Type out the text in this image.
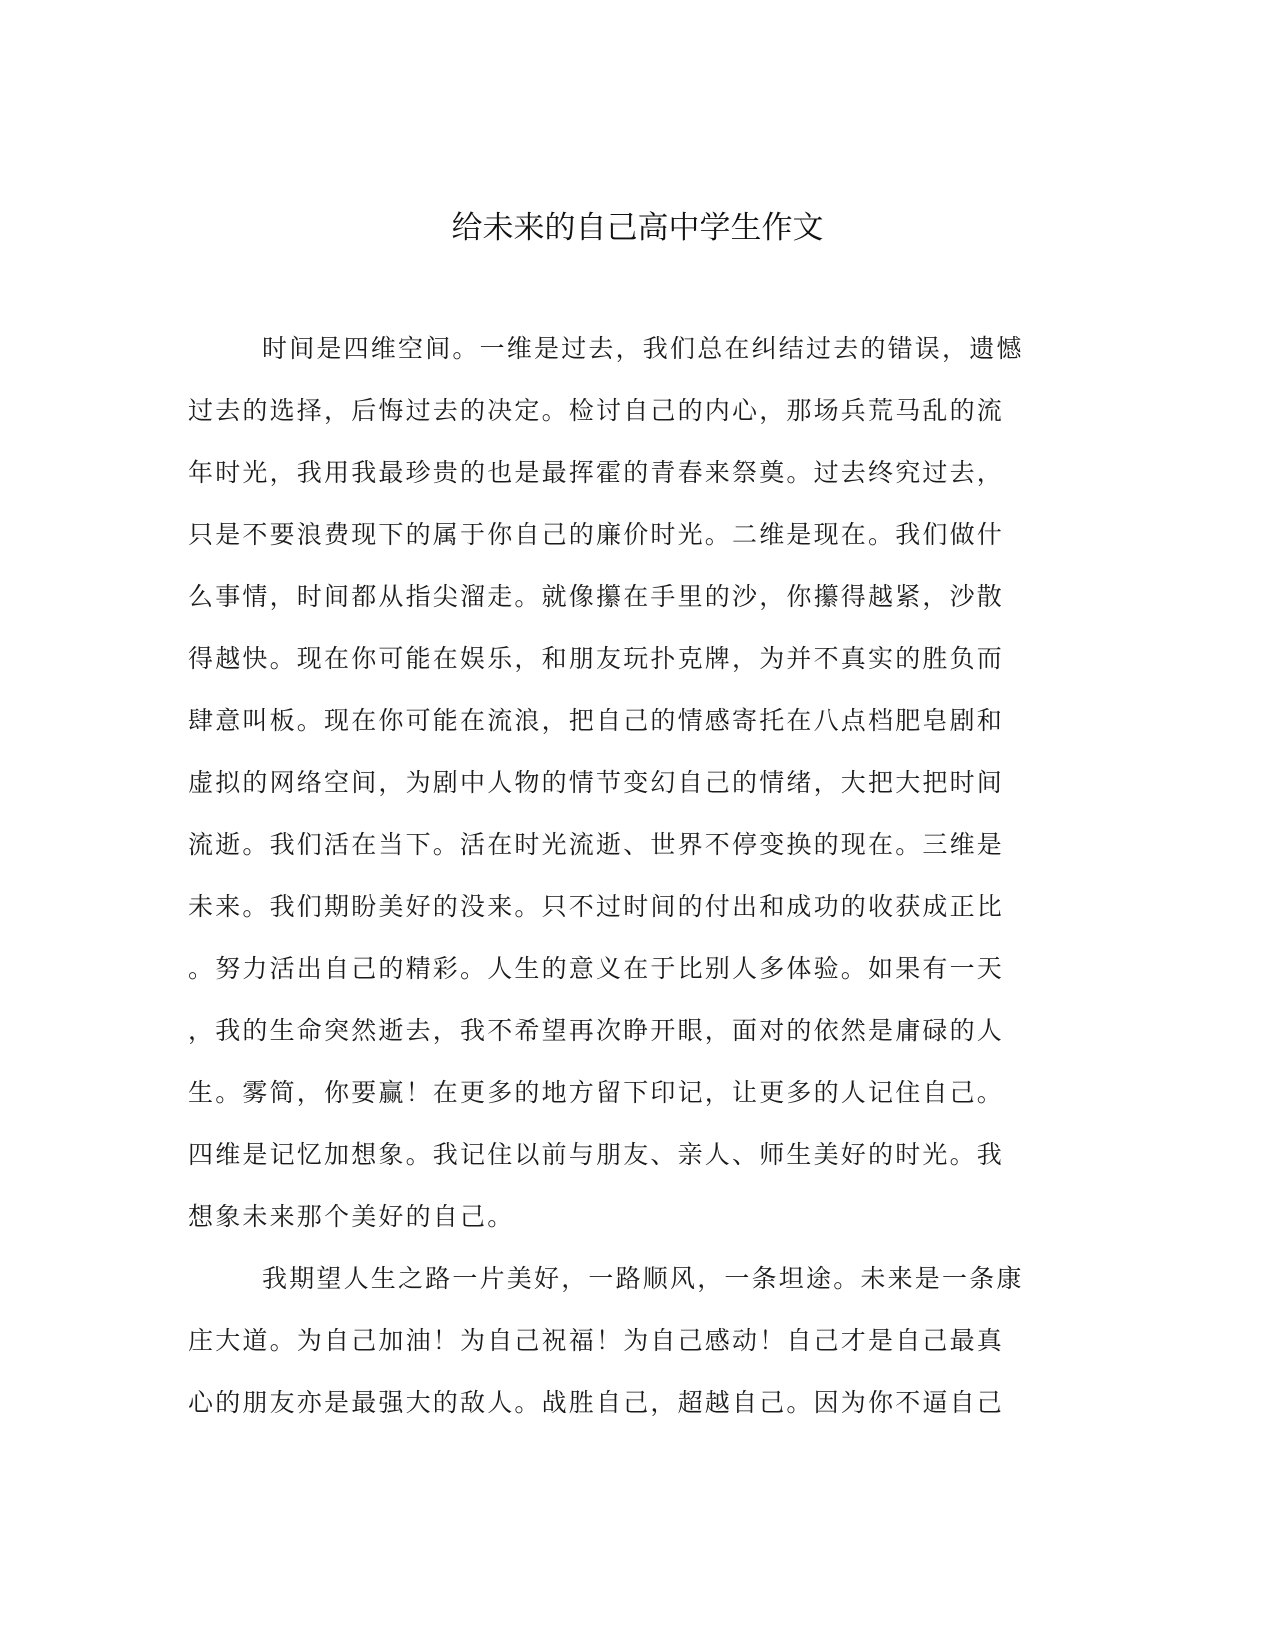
给未来的自己高中学生作文
时间是四维空间。一维是过去，我们总在纠结过去的错误，遗憾
过去的选择，后悔过去的决定。检讨自己的内心，那场兵荒马乱的流
年时光，我用我最珍贵的也是最挥霍的青春来祭奠。过去终究过去，
只是不要浪费现下的属于你自己的廉价时光。二维是现在。我们做什
么事情，时间都从指尖溜走。就像攥在手里的沙，你攥得越紧，沙散
得越快。现在你可能在娱乐，和朋友玩扑克牌，为并不真实的胜负而
肆意叫板。现在你可能在流浪，把自己的情感寄托在八点档肥皂剧和
虚拟的网络空间，为剧中人物的情节变幻自己的情绪，大把大把时间
流逝。我们活在当下。活在时光流逝、世界不停变换的现在。三维是
未来。我们期盼美好的没来。只不过时间的付出和成功的收获成正比
。努力活出自己的精彩。人生的意义在于比别人多体验。如果有一天
，我的生命突然逝去，我不希望再次睁开眼，面对的依然是庸碌的人
生。雾简，你要赢！在更多的地方留下印记，让更多的人记住自己。
四维是记忆加想象。我记住以前与朋友、亲人、师生美好的时光。我
想象未来那个美好的自己。
我期望人生之路一片美好，一路顺风，一条坦途。未来是一条康
庄大道。为自己加油！为自己祝福！为自己感动！自己才是自己最真
心的朋友亦是最强大的敌人。战胜自己，超越自己。因为你不逼自己
